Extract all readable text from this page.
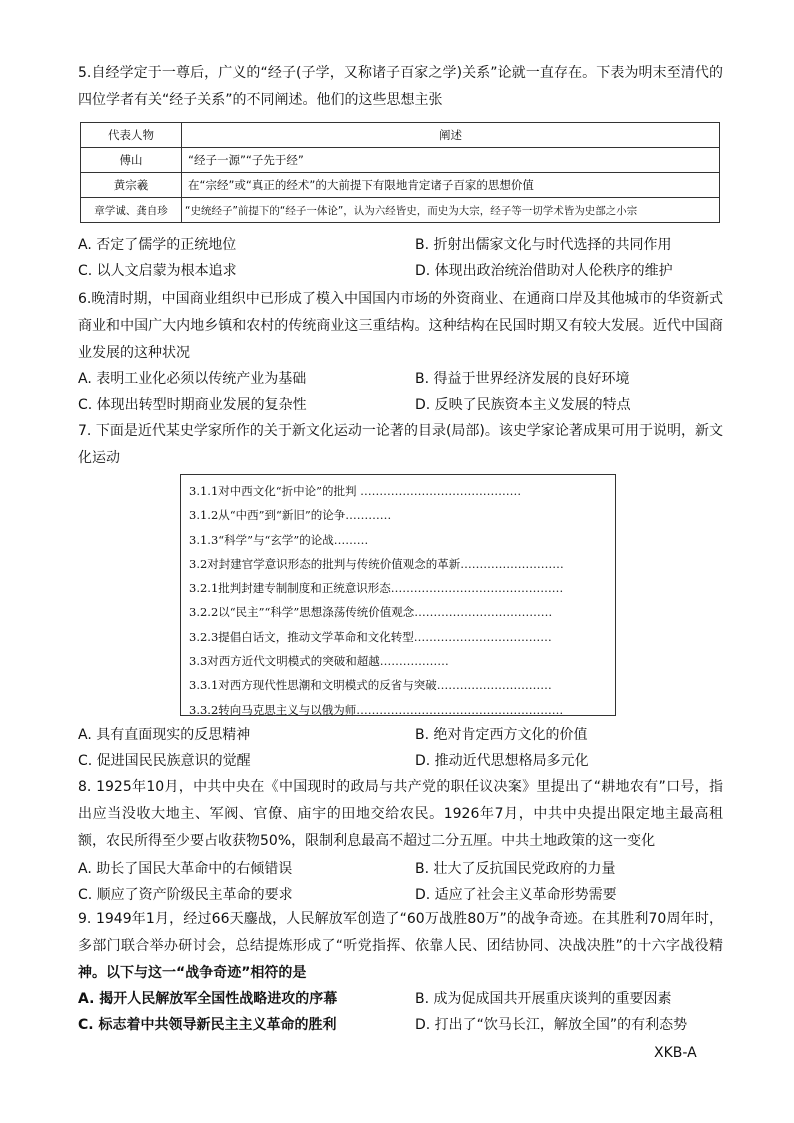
5.自经学定于一尊后，广义的“经子(子学，又称诸子百家之学)关系”论就一直存在。下表为明末至清代的四位学者有关“经子关系”的不同阐述。他们的这些思想主张

代表人物	阐述
傅山	“经子一源”“子先于经”
黄宗羲	在“宗经”或“真正的经术”的大前提下有限地肯定诸子百家的思想价值
章学诚、龚自珍	“史统经子”前提下的“经子一体论”，认为六经皆史，而史为大宗，经子等一切学术皆为史部之小宗
A. 否定了儒学的正统地位	B. 折射出儒家文化与时代选择的共同作用
C. 以人文启蒙为根本追求	D. 体现出政治统治借助对人伦秩序的维护

6.晚清时期，中国商业组织中已形成了模入中国国内市场的外资商业、在通商口岸及其他城市的华资新式商业和中国广大内地乡镇和农村的传统商业这三重结构。这种结构在民国时期又有较大发展。近代中国商业发展的这种状况

A. 表明工业化必须以传统产业为基础	B. 得益于世界经济发展的良好环境
C. 体现出转型时期商业发展的复杂性	D. 反映了民族资本主义发展的特点

7. 下面是近代某史学家所作的关于新文化运动一论著的目录(局部)。该史学家论著成果可用于说明，新文化运动

3.1.1对中西文化“折中论”的批判 ……………………………………
3.1.2从“中西”到“新旧”的论争…………
3.1.3“科学”与“玄学”的论战………
3.2对封建官学意识形态的批判与传统价值观念的革新………………………
3.2.1批判封建专制制度和正统意识形态………………………………………
3.2.2以“民主”“科学”思想涤荡传统价值观念………………………………
3.2.3提倡白话文，推动文学革命和文化转型………………………………
3.3对西方近代文明模式的突破和超越………………
3.3.1对西方现代性思潮和文明模式的反省与突破…………………………
3.3.2转向马克思主义与以俄为师………………………………………………
A. 具有直面现实的反思精神	B. 绝对肯定西方文化的价值
C. 促进国民民族意识的觉醒	D. 推动近代思想格局多元化

8. 1925年10月，中共中央在《中国现时的政局与共产党的职任议决案》里提出了“耕地农有”口号，指出应当没收大地主、军阀、官僚、庙宇的田地交给农民。1926年7月，中共中央提出限定地主最高租额，农民所得至少要占收获物50%，限制利息最高不超过二分五厘。中共土地政策的这一变化

A. 助长了国民大革命中的右倾错误	B. 壮大了反抗国民党政府的力量
C. 顺应了资产阶级民主革命的要求	D. 适应了社会主义革命形势需要

9. 1949年1月，经过66天鏖战，人民解放军创造了“60万战胜80万”的战争奇迹。在其胜利70周年时，多部门联合举办研讨会，总结提炼形成了“听党指挥、依靠人民、团结协同、决战决胜”的十六字战役精神。以下与这一“战争奇迹”相符的是

A. 揭开人民解放军全国性战略进攻的序幕	B. 成为促成国共开展重庆谈判的重要因素
C. 标志着中共领导新民主主义革命的胜利	D. 打出了“饮马长江，解放全国”的有利态势
XKB-A
